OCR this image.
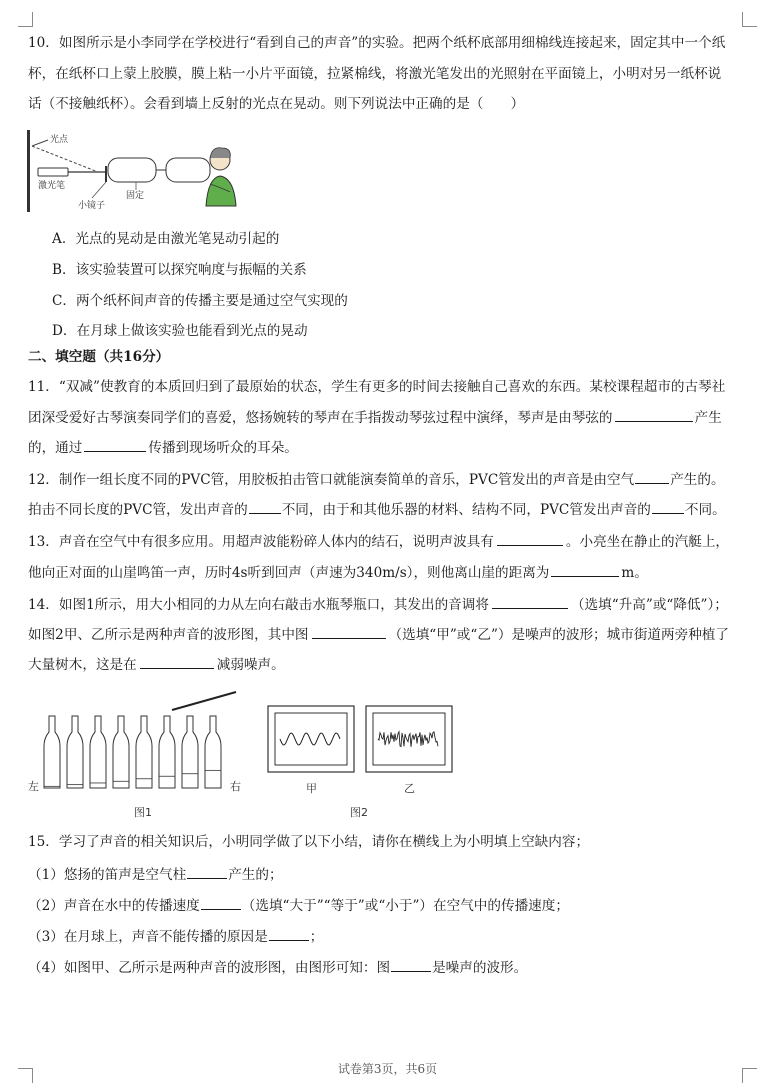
10．如图所示是小李同学在学校进行“看到自己的声音”的实验。把两个纸杯底部用细棉线连接起来，固定其中一个纸
杯，在纸杯口上蒙上胶膜，膜上粘一小片平面镜，拉紧棉线，将激光笔发出的光照射在平面镜上，小明对另一纸杯说
话（不接触纸杯）。会看到墙上反射的光点在晃动。则下列说法中正确的是（　　）
光点
激光笔
小镜子
固定
A．光点的晃动是由激光笔晃动引起的
B．该实验装置可以探究响度与振幅的关系
C．两个纸杯间声音的传播主要是通过空气实现的
D．在月球上做该实验也能看到光点的晃动
二、填空题（共16分）
11．“双减”使教育的本质回归到了最原始的状态，学生有更多的时间去接触自己喜欢的东西。某校课程超市的古琴社
团深受爱好古琴演奏同学们的喜爱，悠扬婉转的琴声在手指拨动琴弦过程中演绎，琴声是由琴弦的	产生
的，通过	传播到现场听众的耳朵。
12．制作一组长度不同的PVC管，用胶板拍击管口就能演奏简单的音乐，PVC管发出的声音是由空气	产生的。
拍击不同长度的PVC管，发出声音的	不同，由于和其他乐器的材料、结构不同，PVC管发出声音的	不同。
13．声音在空气中有很多应用。用超声波能粉碎人体内的结石，说明声波具有	。小亮坐在静止的汽艇上，
他向正对面的山崖鸣笛一声，历时4s听到回声（声速为340m/s），则他离山崖的距离为	m。
14．如图1所示，用大小相同的力从左向右敲击水瓶琴瓶口，其发出的音调将	（选填“升高”或“降低”）；
如图2甲、乙所示是两种声音的波形图，其中图	（选填“甲”或“乙”）是噪声的波形；城市街道两旁种植了
大量树木，这是在	减弱噪声。
左	右
图1
甲	乙
图2
15．学习了声音的相关知识后，小明同学做了以下小结，请你在横线上为小明填上空缺内容；
（1）悠扬的笛声是空气柱	产生的；
（2）声音在水中的传播速度	（选填“大于”“等于”或“小于”）在空气中的传播速度；
（3）在月球上，声音不能传播的原因是	；
（4）如图甲、乙所示是两种声音的波形图，由图形可知：图	是噪声的波形。
试卷第3页，共6页
